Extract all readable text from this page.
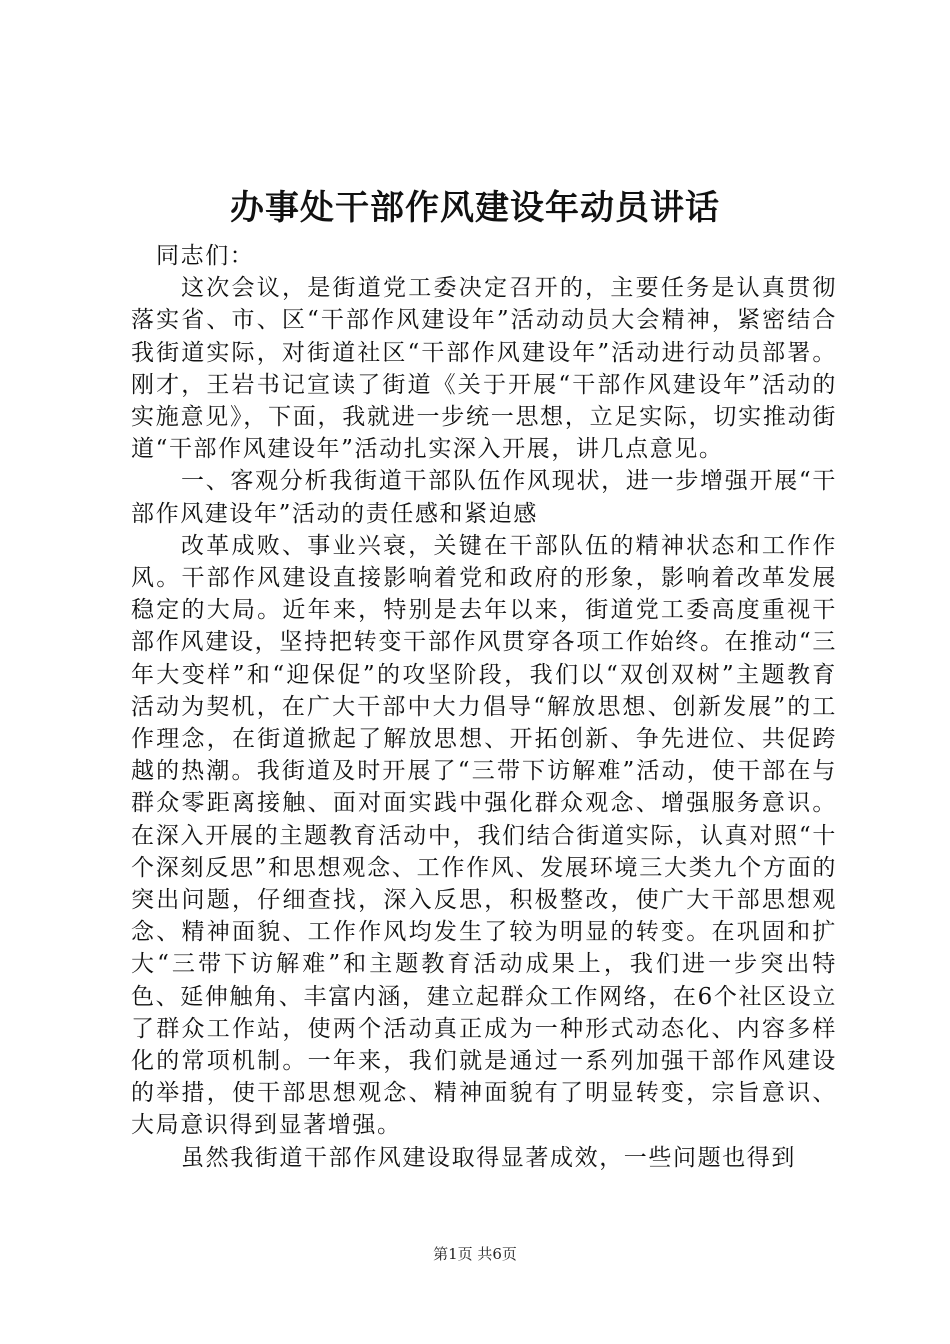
办事处干部作风建设年动员讲话

同志们：

这次会议，是街道党工委决定召开的，主要任务是认真贯彻落实省、市、区“干部作风建设年”活动动员大会精神，紧密结合我街道实际，对街道社区“干部作风建设年”活动进行动员部署。刚才，王岩书记宣读了街道《关于开展“干部作风建设年”活动的实施意见》，下面，我就进一步统一思想，立足实际，切实推动街道“干部作风建设年”活动扎实深入开展，讲几点意见。

一、客观分析我街道干部队伍作风现状，进一步增强开展“干部作风建设年”活动的责任感和紧迫感

改革成败、事业兴衰，关键在干部队伍的精神状态和工作作风。干部作风建设直接影响着党和政府的形象，影响着改革发展稳定的大局。近年来，特别是去年以来，街道党工委高度重视干部作风建设，坚持把转变干部作风贯穿各项工作始终。在推动“三年大变样”和“迎保促”的攻坚阶段，我们以“双创双树”主题教育活动为契机，在广大干部中大力倡导“解放思想、创新发展”的工作理念，在街道掀起了解放思想、开拓创新、争先进位、共促跨越的热潮。我街道及时开展了“三带下访解难”活动，使干部在与群众零距离接触、面对面实践中强化群众观念、增强服务意识。在深入开展的主题教育活动中，我们结合街道实际，认真对照“十个深刻反思”和思想观念、工作作风、发展环境三大类九个方面的突出问题，仔细查找，深入反思，积极整改，使广大干部思想观念、精神面貌、工作作风均发生了较为明显的转变。在巩固和扩大“三带下访解难”和主题教育活动成果上，我们进一步突出特色、延伸触角、丰富内涵，建立起群众工作网络，在6个社区设立了群众工作站，使两个活动真正成为一种形式动态化、内容多样化的常项机制。一年来，我们就是通过一系列加强干部作风建设的举措，使干部思想观念、精神面貌有了明显转变，宗旨意识、大局意识得到显著增强。

虽然我街道干部作风建设取得显著成效，一些问题也得到

第1页 共6页
